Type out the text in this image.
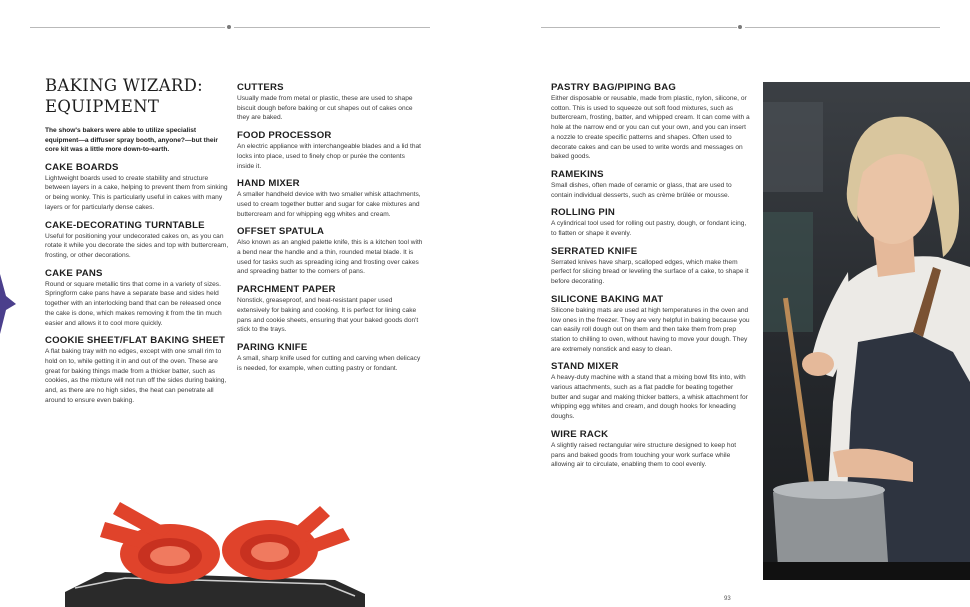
BAKING WIZARD:
EQUIPMENT

The show's bakers were able to utilize specialist equipment—a diffuser spray booth, anyone?—but their core kit was a little more down-to-earth.

CAKE BOARDS

Lightweight boards used to create stability and structure between layers in a cake, helping to prevent them from sinking or being wonky. This is particularly useful in cakes with many layers or for particularly dense cakes.

CAKE-DECORATING TURNTABLE

Useful for positioning your undecorated cakes on, as you can rotate it while you decorate the sides and top with buttercream, frosting, or other decorations.

CAKE PANS

Round or square metallic tins that come in a variety of sizes. Springform cake pans have a separate base and sides held together with an interlocking band that can be released once the cake is done, which makes removing it from the tin much easier and allows it to cool more quickly.

COOKIE SHEET/FLAT BAKING SHEET

A flat baking tray with no edges, except with one small rim to hold on to, while getting it in and out of the oven. These are great for baking things made from a thicker batter, such as cookies, as the mixture will not run off the sides during baking, and, as there are no high sides, the heat can penetrate all around to ensure even baking.

CUTTERS

Usually made from metal or plastic, these are used to shape biscuit dough before baking or cut shapes out of cakes once they are baked.

FOOD PROCESSOR

An electric appliance with interchangeable blades and a lid that locks into place, used to finely chop or purée the contents inside it.

HAND MIXER

A smaller handheld device with two smaller whisk attachments, used to cream together butter and sugar for cake mixtures and buttercream and for whipping egg whites and cream.

OFFSET SPATULA

Also known as an angled palette knife, this is a kitchen tool with a bend near the handle and a thin, rounded metal blade. It is used for tasks such as spreading icing and frosting over cakes and spreading batter to the corners of pans.

PARCHMENT PAPER

Nonstick, greaseproof, and heat-resistant paper used extensively for baking and cooking. It is perfect for lining cake pans and cookie sheets, ensuring that your baked goods don't stick to the trays.

PARING KNIFE

A small, sharp knife used for cutting and carving when delicacy is needed, for example, when cutting pastry or fondant.

PASTRY BAG/PIPING BAG

Either disposable or reusable, made from plastic, nylon, silicone, or cotton. This is used to squeeze out soft food mixtures, such as buttercream, frosting, batter, and whipped cream. It can come with a hole at the narrow end or you can cut your own, and you can insert a nozzle to create specific patterns and shapes. Often used to decorate cakes and can be used to write words and messages on baked goods.

RAMEKINS

Small dishes, often made of ceramic or glass, that are used to contain individual desserts, such as crème brûlée or mousse.

ROLLING PIN

A cylindrical tool used for rolling out pastry, dough, or fondant icing, to flatten or shape it evenly.

SERRATED KNIFE

Serrated knives have sharp, scalloped edges, which make them perfect for slicing bread or leveling the surface of a cake, to shape it before decorating.

SILICONE BAKING MAT

Silicone baking mats are used at high temperatures in the oven and low ones in the freezer. They are very helpful in baking because you can easily roll dough out on them and then take them from prep station to chilling to oven, without having to move your dough. They are extremely nonstick and easy to clean.

STAND MIXER

A heavy-duty machine with a stand that a mixing bowl fits into, with various attachments, such as a flat paddle for beating together butter and sugar and making thicker batters, a whisk attachment for whipping egg whites and cream, and dough hooks for kneading doughs.

WIRE RACK

A slightly raised rectangular wire structure designed to keep hot pans and baked goods from touching your work surface while allowing air to circulate, enabling them to cool evenly.

93
